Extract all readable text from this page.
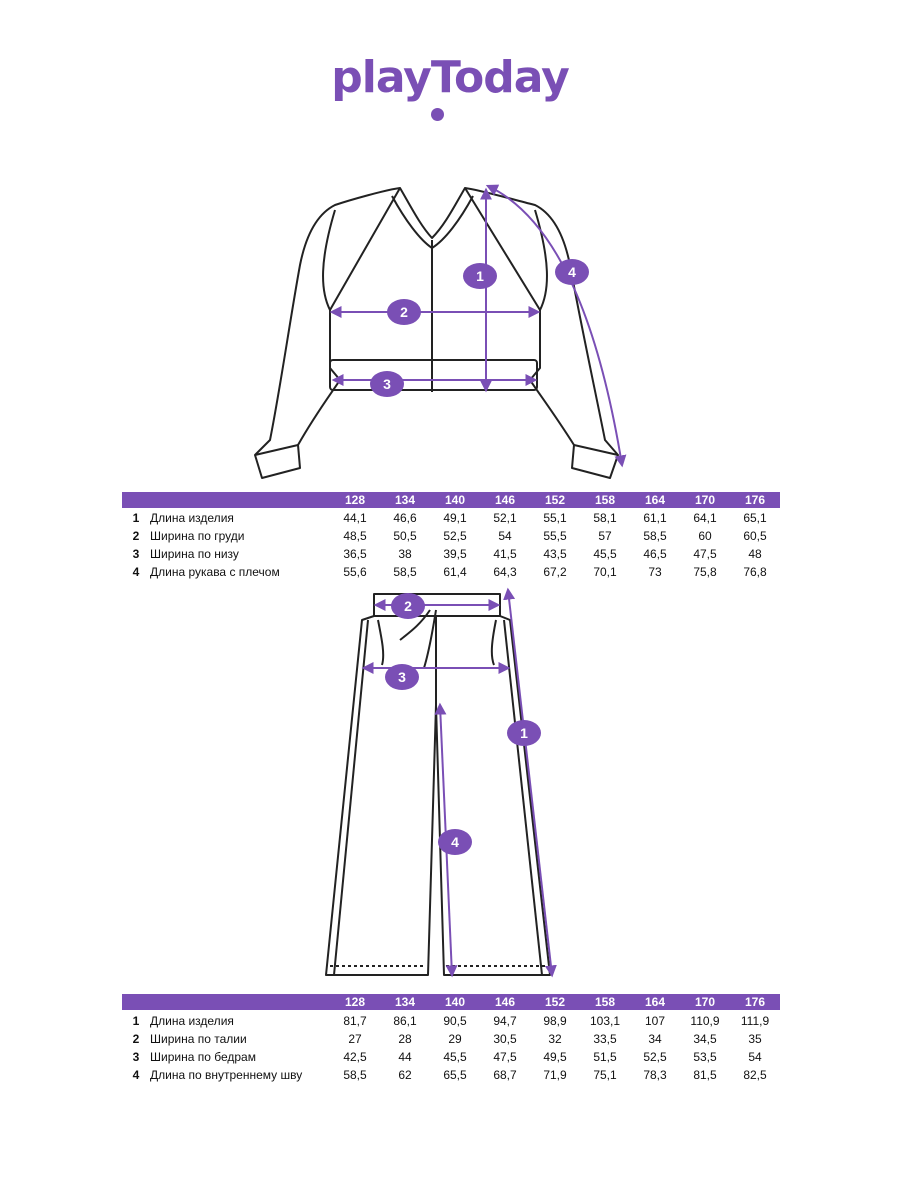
playToday
1
2
3
4
1
2
3
4
128	134	140	146	152	158	164	170	176
1 Длина изделия	44,1	46,6	49,1	52,1	55,1	58,1	61,1	64,1	65,1
2 Ширина по груди	48,5	50,5	52,5	54	55,5	57	58,5	60	60,5
3 Ширина по низу	36,5	38	39,5	41,5	43,5	45,5	46,5	47,5	48
4 Длина рукава с плечом	55,6	58,5	61,4	64,3	67,2	70,1	73	75,8	76,8
128	134	140	146	152	158	164	170	176
1 Длина изделия	81,7	86,1	90,5	94,7	98,9	103,1	107	110,9	111,9
2 Ширина по талии	27	28	29	30,5	32	33,5	34	34,5	35
3 Ширина по бедрам	42,5	44	45,5	47,5	49,5	51,5	52,5	53,5	54
4 Длина по внутреннему шву	58,5	62	65,5	68,7	71,9	75,1	78,3	81,5	82,5
